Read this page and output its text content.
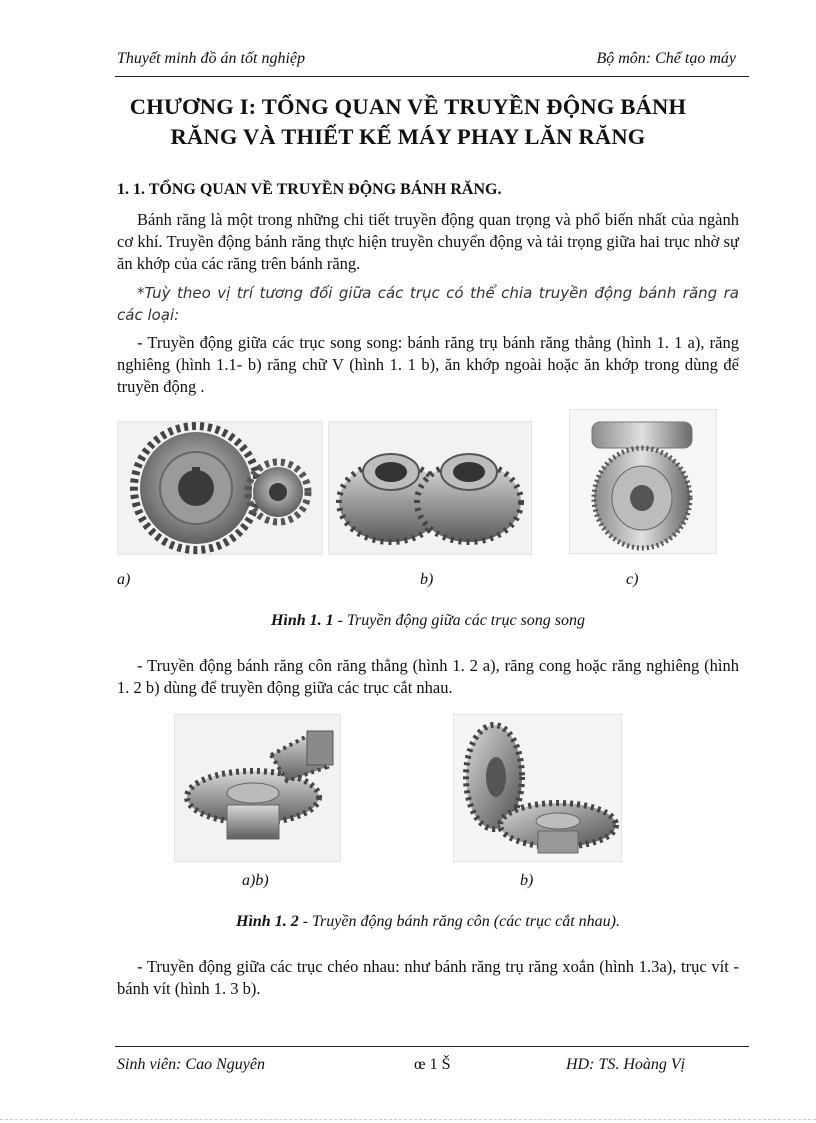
Thuyết minh đồ án tốt nghiệp	Bộ môn: Chế tạo máy
CHƯƠNG I: TỔNG QUAN VỀ TRUYỀN ĐỘNG BÁNH
RĂNG VÀ THIẾT KẾ MÁY PHAY LĂN RĂNG
1. 1. TỔNG QUAN VỀ TRUYỀN ĐỘNG BÁNH RĂNG.
Bánh răng là một trong những chi tiết truyền động quan trọng và phổ biến nhất của ngành cơ khí. Truyền động bánh răng thực hiện truyền chuyển động và tải trọng giữa hai trục nhờ sự ăn khớp của các răng trên bánh răng.
*Tuỳ theo vị trí tương đối giữa các trục có thể chia truyền động bánh răng ra các loại:
- Truyền động giữa các trục song song: bánh răng trụ bánh răng thẳng (hình 1. 1 a), răng nghiêng (hình 1.1- b) răng chữ V (hình 1. 1 b), ăn khớp ngoài hoặc ăn khớp trong dùng để truyền động .
a)	b)	c)
Hình 1. 1 - Truyền động giữa các trục song song
- Truyền động bánh răng côn răng thẳng (hình 1. 2 a), răng cong hoặc răng nghiêng (hình 1. 2 b) dùng để truyền động giữa các trục cắt nhau.
a)b)	b)
Hình 1. 2 - Truyền động bánh răng côn (các trục cắt nhau).
- Truyền động giữa các trục chéo nhau: như bánh răng trụ răng xoắn (hình 1.3a), trục vít - bánh vít (hình 1. 3 b).
Sinh viên: Cao Nguyên	œ 1 Š	HD: TS. Hoàng Vị
